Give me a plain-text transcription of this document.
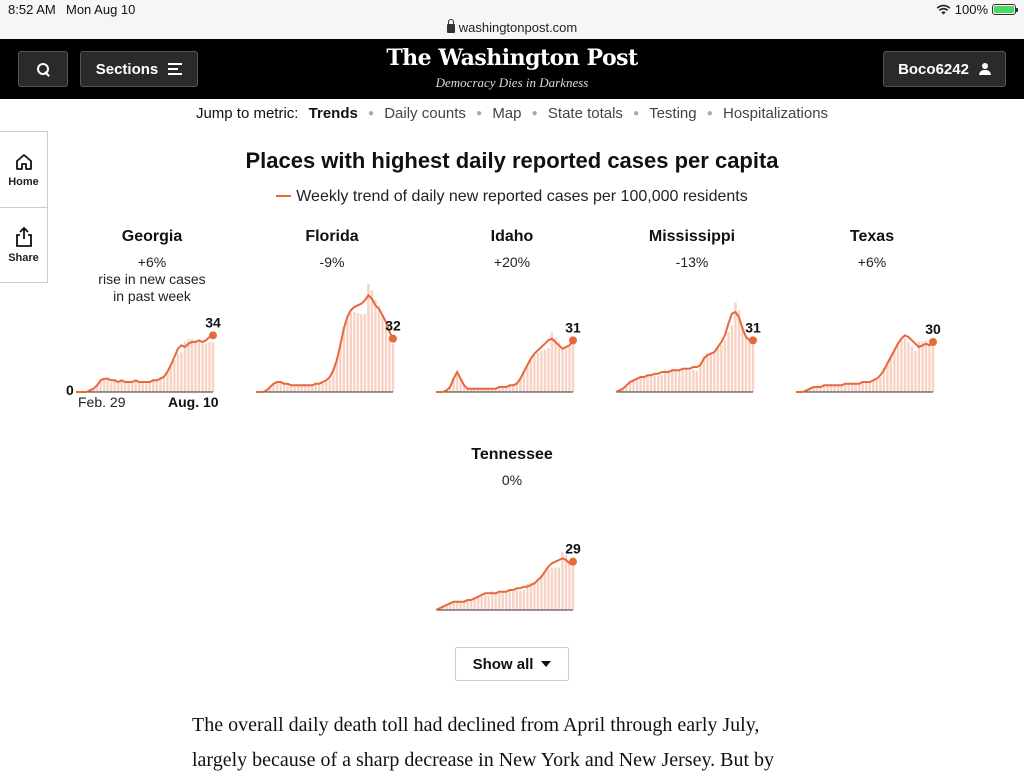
8:52 AM Mon Aug 10	100%
washingtonpost.com
Sections	The Washington Post
Democracy Dies in Darkness
Boco6242
Jump to metric: Trends ● Daily counts ● Map ● State totals ● Testing ● Hospitalizations
Home
Share
Places with highest daily reported cases per capita
Weekly trend of daily new reported cases per 100,000 residents
Georgia
+6%
rise in new cases in past week
34
0
Feb. 29	Aug. 10
Florida
-9%
32
Idaho
+20%
31
Mississippi
-13%
31
Texas
+6%
30
Tennessee
0%
29
Show all
The overall daily death toll had declined from April through early July,
largely because of a sharp decrease in New York and New Jersey. But by
